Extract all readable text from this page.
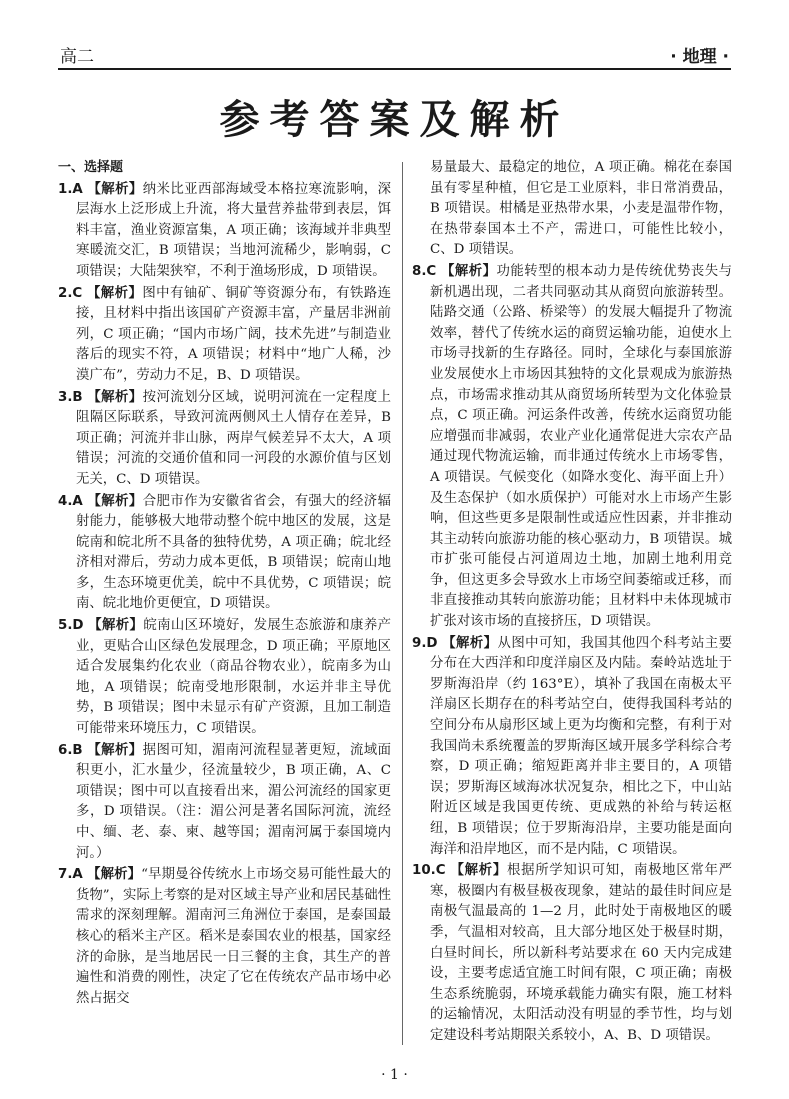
高二	· 地理 ·
参考答案及解析
一、选择题
1.A 【解析】纳米比亚西部海域受本格拉寒流影响，深层海水上泛形成上升流，将大量营养盐带到表层，饵料丰富，渔业资源富集，A 项正确；该海域并非典型寒暖流交汇，B 项错误；当地河流稀少，影响弱，C 项错误；大陆架狭窄，不利于渔场形成，D 项错误。
2.C 【解析】图中有铀矿、铜矿等资源分布，有铁路连接，且材料中指出该国矿产资源丰富，产量居非洲前列，C 项正确；“国内市场广阔，技术先进”与制造业落后的现实不符，A 项错误；材料中“地广人稀，沙漠广布”，劳动力不足，B、D 项错误。
3.B 【解析】按河流划分区域，说明河流在一定程度上阻隔区际联系，导致河流两侧风土人情存在差异，B 项正确；河流并非山脉，两岸气候差异不太大，A 项错误；河流的交通价值和同一河段的水源价值与区划无关，C、D 项错误。
4.A 【解析】合肥市作为安徽省省会，有强大的经济辐射能力，能够极大地带动整个皖中地区的发展，这是皖南和皖北所不具备的独特优势，A 项正确；皖北经济相对滞后，劳动力成本更低，B 项错误；皖南山地多，生态环境更优美，皖中不具优势，C 项错误；皖南、皖北地价更便宜，D 项错误。
5.D 【解析】皖南山区环境好，发展生态旅游和康养产业，更贴合山区绿色发展理念，D 项正确；平原地区适合发展集约化农业（商品谷物农业），皖南多为山地，A 项错误；皖南受地形限制，水运并非主导优势，B 项错误；图中未显示有矿产资源，且加工制造可能带来环境压力，C 项错误。
6.B 【解析】据图可知，湄南河流程显著更短，流域面积更小，汇水量少，径流量较少，B 项正确，A、C 项错误；图中可以直接看出来，湄公河流经的国家更多，D 项错误。（注：湄公河是著名国际河流，流经中、缅、老、泰、柬、越等国；湄南河属于泰国境内河。）
7.A 【解析】“早期曼谷传统水上市场交易可能性最大的货物”，实际上考察的是对区域主导产业和居民基础性需求的深刻理解。湄南河三角洲位于泰国，是泰国最核心的稻米主产区。稻米是泰国农业的根基，国家经济的命脉，是当地居民一日三餐的主食，其生产的普遍性和消费的刚性，决定了它在传统农产品市场中必然占据交
易量最大、最稳定的地位，A 项正确。棉花在泰国虽有零星种植，但它是工业原料，非日常消费品，B 项错误。柑橘是亚热带水果，小麦是温带作物，在热带泰国本土不产，需进口，可能性比较小，C、D 项错误。
8.C 【解析】功能转型的根本动力是传统优势丧失与新机遇出现，二者共同驱动其从商贸向旅游转型。陆路交通（公路、桥梁等）的发展大幅提升了物流效率，替代了传统水运的商贸运输功能，迫使水上市场寻找新的生存路径。同时，全球化与泰国旅游业发展使水上市场因其独特的文化景观成为旅游热点，市场需求推动其从商贸场所转型为文化体验景点，C 项正确。河运条件改善，传统水运商贸功能应增强而非减弱，农业产业化通常促进大宗农产品通过现代物流运输，而非通过传统水上市场零售，A 项错误。气候变化（如降水变化、海平面上升）及生态保护（如水质保护）可能对水上市场产生影响，但这些更多是限制性或适应性因素，并非推动其主动转向旅游功能的核心驱动力，B 项错误。城市扩张可能侵占河道周边土地，加剧土地利用竞争，但这更多会导致水上市场空间萎缩或迁移，而非直接推动其转向旅游功能；且材料中未体现城市扩张对该市场的直接挤压，D 项错误。
9.D 【解析】从图中可知，我国其他四个科考站主要分布在大西洋和印度洋扇区及内陆。秦岭站选址于罗斯海沿岸（约 163°E），填补了我国在南极太平洋扇区长期存在的科考站空白，使得我国科考站的空间分布从扇形区域上更为均衡和完整，有利于对我国尚未系统覆盖的罗斯海区域开展多学科综合考察，D 项正确；缩短距离并非主要目的，A 项错误；罗斯海区域海冰状况复杂，相比之下，中山站附近区域是我国更传统、更成熟的补给与转运枢纽，B 项错误；位于罗斯海沿岸，主要功能是面向海洋和沿岸地区，而不是内陆，C 项错误。
10.C 【解析】根据所学知识可知，南极地区常年严寒，极圈内有极昼极夜现象，建站的最佳时间应是南极气温最高的 1—2 月，此时处于南极地区的暖季，气温相对较高，且大部分地区处于极昼时期，白昼时间长，所以新科考站要求在 60 天内完成建设，主要考虑适宜施工时间有限，C 项正确；南极生态系统脆弱，环境承载能力确实有限，施工材料的运输情况，太阳活动没有明显的季节性，均与划定建设科考站期限关系较小，A、B、D 项错误。
· 1 ·
